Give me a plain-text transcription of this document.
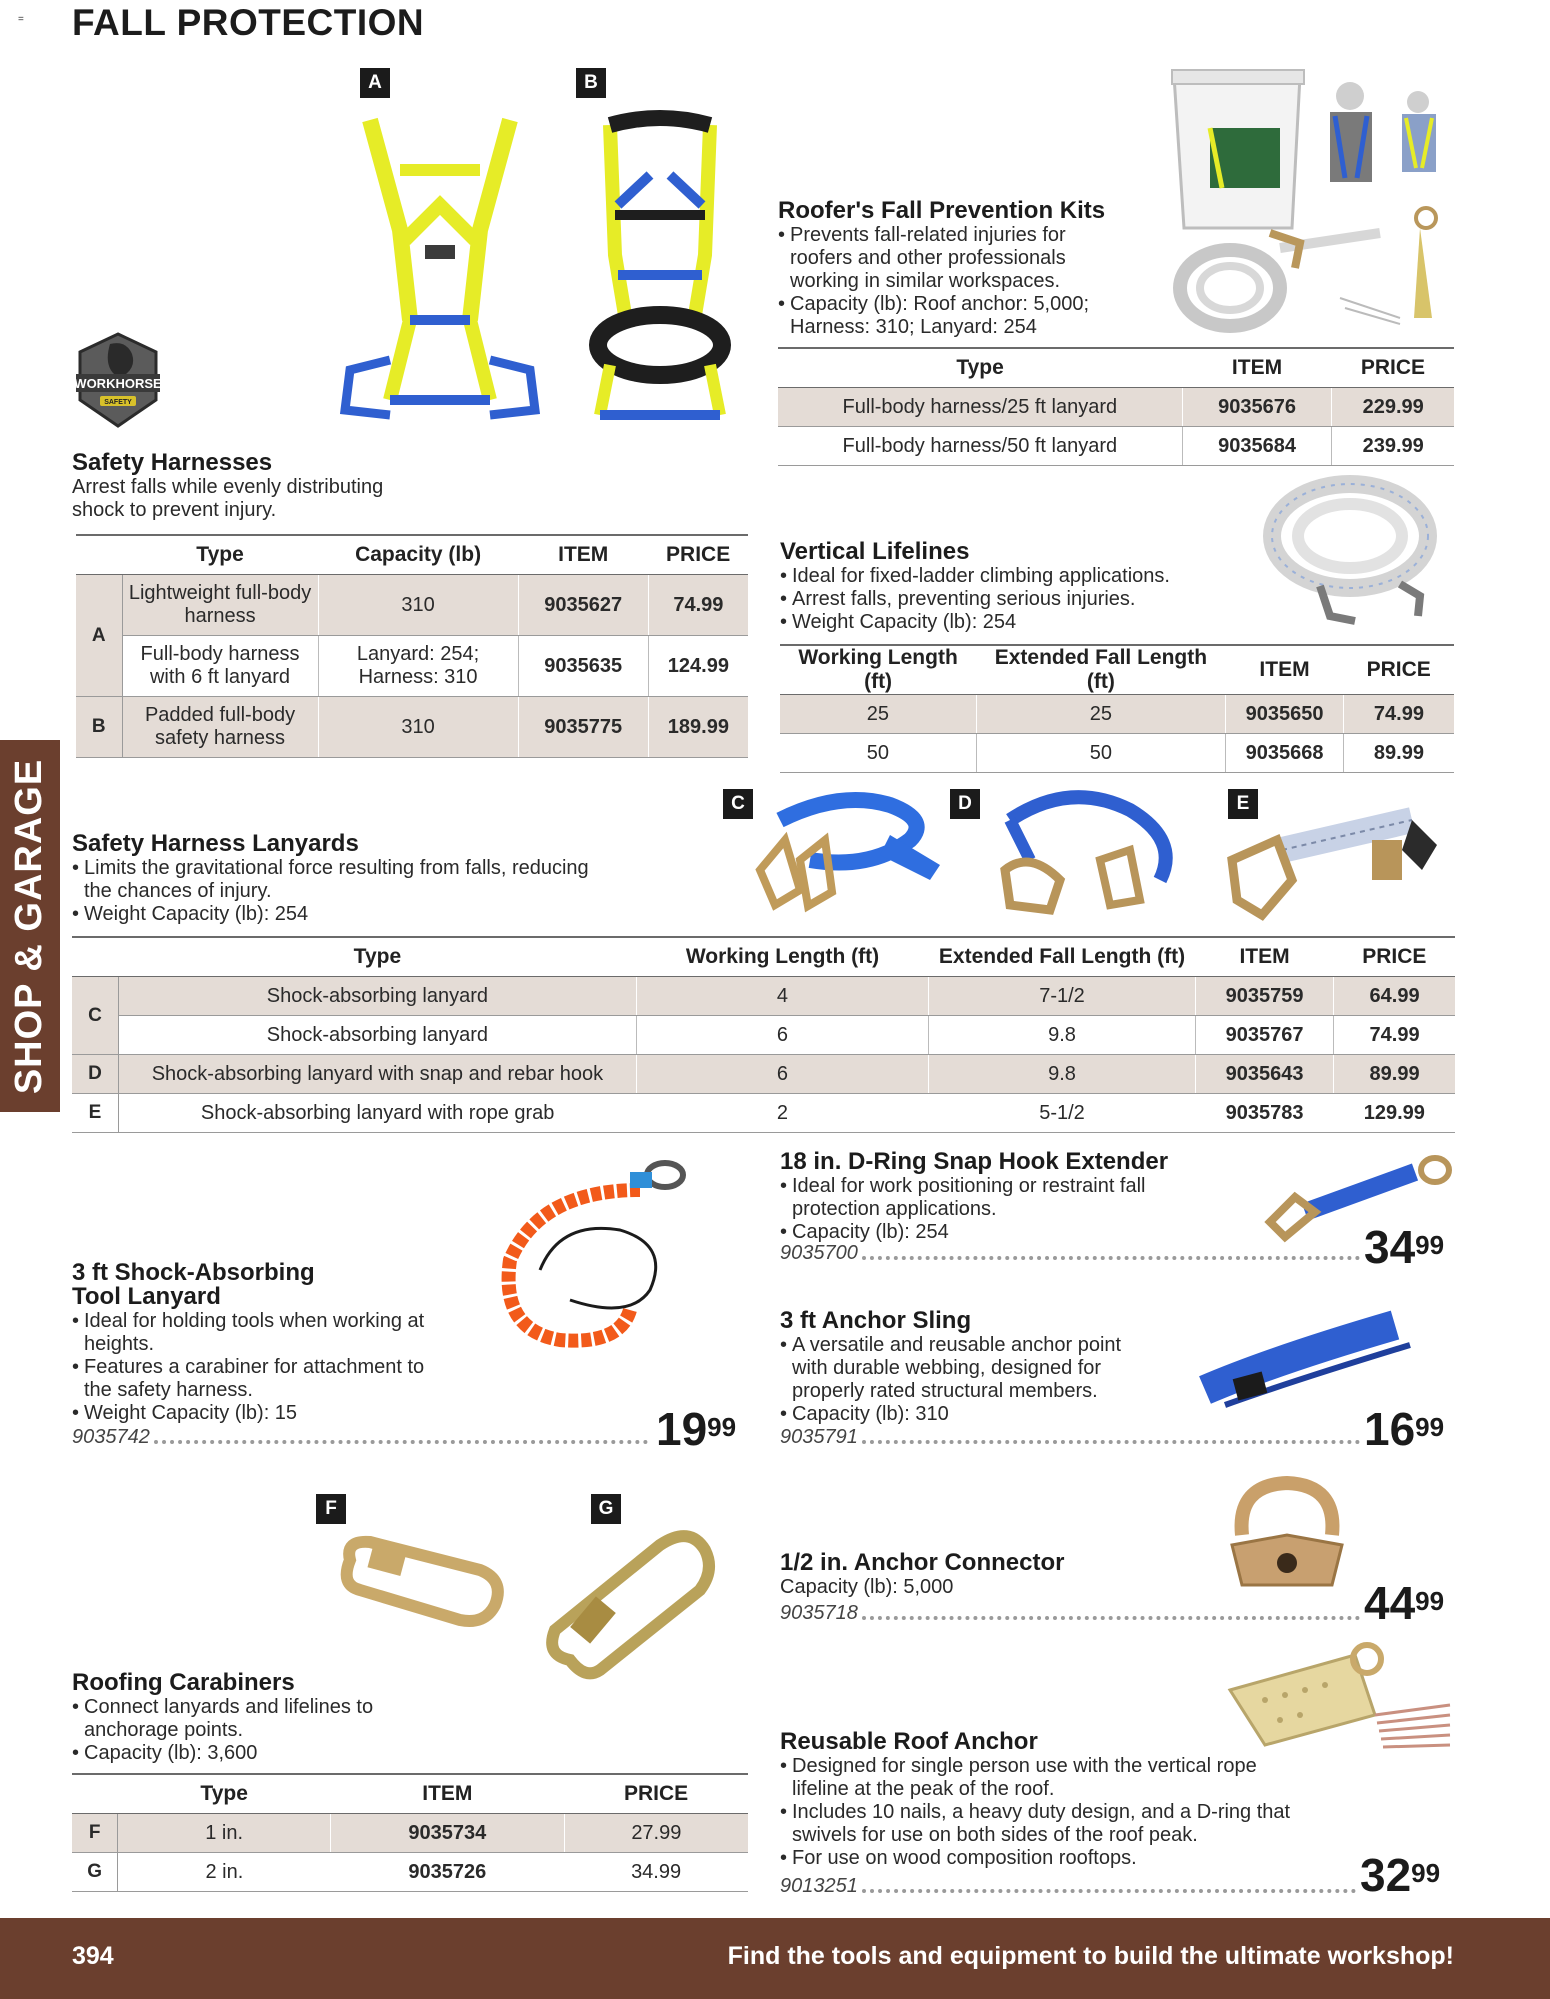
= FALL PROTECTION
SHOP & GARAGE
A	B
C	D	E
F	G
WORKHORSE
SAFETY
Safety Harnesses
Arrest falls while evenly distributing shock to prevent injury.
	Type	Capacity (lb)	ITEM	PRICE
A	Lightweight full-body harness	310	9035627	74.99
	Full-body harness with 6 ft lanyard	Lanyard: 254; Harness: 310	9035635	124.99
B	Padded full-body safety harness	310	9035775	189.99
Roofer's Fall Prevention Kits
• Prevents fall-related injuries for roofers and other professionals working in similar workspaces.
• Capacity (lb): Roof anchor: 5,000; Harness: 310; Lanyard: 254
Type	ITEM	PRICE
Full-body harness/25 ft lanyard	9035676	229.99
Full-body harness/50 ft lanyard	9035684	239.99
Vertical Lifelines
• Ideal for fixed-ladder climbing applications.
• Arrest falls, preventing serious injuries.
• Weight Capacity (lb): 254
Working Length (ft)	Extended Fall Length (ft)	ITEM	PRICE
25	25	9035650	74.99
50	50	9035668	89.99
Safety Harness Lanyards
• Limits the gravitational force resulting from falls, reducing the chances of injury.
• Weight Capacity (lb): 254
	Type	Working Length (ft)	Extended Fall Length (ft)	ITEM	PRICE
C	Shock-absorbing lanyard	4	7-1/2	9035759	64.99
	Shock-absorbing lanyard	6	9.8	9035767	74.99
D	Shock-absorbing lanyard with snap and rebar hook	6	9.8	9035643	89.99
E	Shock-absorbing lanyard with rope grab	2	5-1/2	9035783	129.99
3 ft Shock-Absorbing
Tool Lanyard
• Ideal for holding tools when working at heights.
• Features a carabiner for attachment to the safety harness.
• Weight Capacity (lb): 15
9035742	$19^{99}$
18 in. D-Ring Snap Hook Extender
• Ideal for work positioning or restraint fall protection applications.
• Capacity (lb): 254
9035700	$34^{99}$
3 ft Anchor Sling
• A versatile and reusable anchor point with durable webbing, designed for properly rated structural members.
• Capacity (lb): 310
9035791	$16^{99}$
1/2 in. Anchor Connector
Capacity (lb): 5,000
9035718	$44^{99}$
Roofing Carabiners
• Connect lanyards and lifelines to anchorage points.
• Capacity (lb): 3,600
	Type	ITEM	PRICE
F	1 in.	9035734	27.99
G	2 in.	9035726	34.99
Reusable Roof Anchor
• Designed for single person use with the vertical rope lifeline at the peak of the roof.
• Includes 10 nails, a heavy duty design, and a D-ring that swivels for use on both sides of the roof peak.
• For use on wood composition rooftops.
9013251	$32^{99}$
394	Find the tools and equipment to build the ultimate workshop!
